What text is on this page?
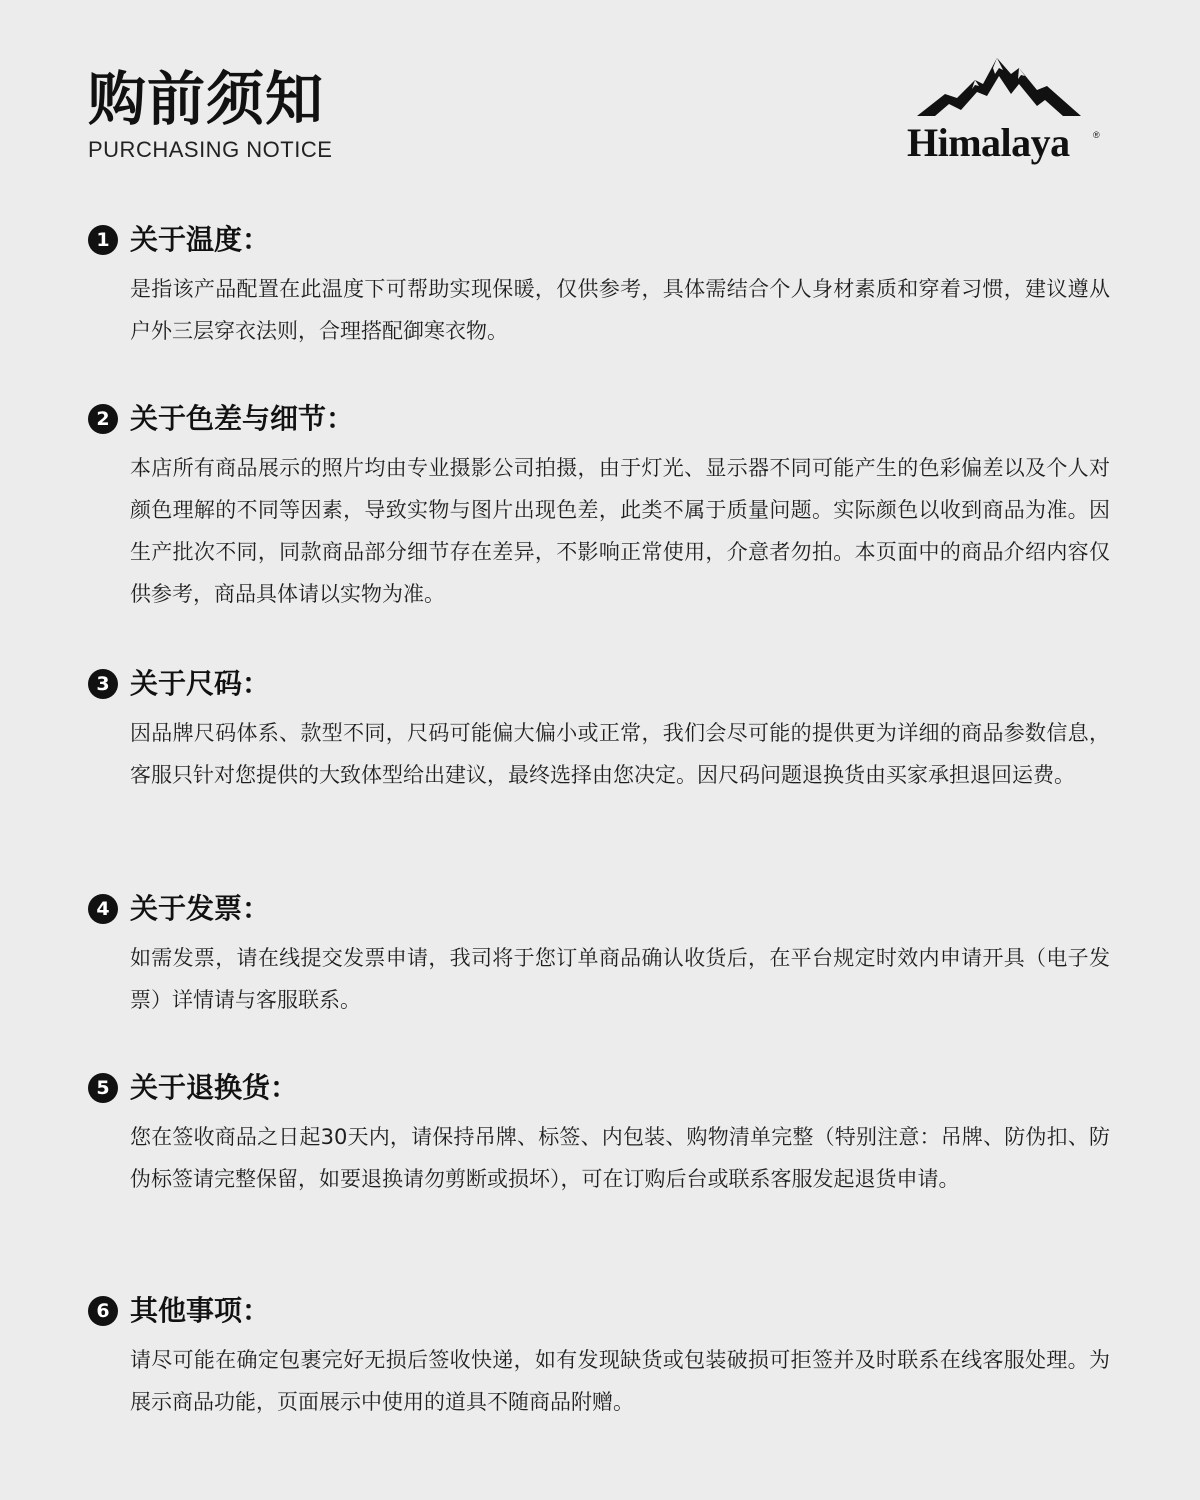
购前须知
PURCHASING NOTICE	Himalaya	®
1 关于温度：
是指该产品配置在此温度下可帮助实现保暖，仅供参考，具体需结合个人身材素质和穿着习惯，建议遵从户外三层穿衣法则，合理搭配御寒衣物。
2 关于色差与细节：
本店所有商品展示的照片均由专业摄影公司拍摄，由于灯光、显示器不同可能产生的色彩偏差以及个人对颜色理解的不同等因素，导致实物与图片出现色差，此类不属于质量问题。实际颜色以收到商品为准。因生产批次不同，同款商品部分细节存在差异，不影响正常使用，介意者勿拍。本页面中的商品介绍内容仅供参考，商品具体请以实物为准。
3 关于尺码：
因品牌尺码体系、款型不同，尺码可能偏大偏小或正常，我们会尽可能的提供更为详细的商品参数信息，客服只针对您提供的大致体型给出建议，最终选择由您决定。因尺码问题退换货由买家承担退回运费。
4 关于发票：
如需发票，请在线提交发票申请，我司将于您订单商品确认收货后，在平台规定时效内申请开具（电子发票）详情请与客服联系。
5 关于退换货：
您在签收商品之日起30天内，请保持吊牌、标签、内包装、购物清单完整（特别注意：吊牌、防伪扣、防伪标签请完整保留，如要退换请勿剪断或损坏），可在订购后台或联系客服发起退货申请。
6 其他事项：
请尽可能在确定包裹完好无损后签收快递，如有发现缺货或包装破损可拒签并及时联系在线客服处理。为展示商品功能，页面展示中使用的道具不随商品附赠。
